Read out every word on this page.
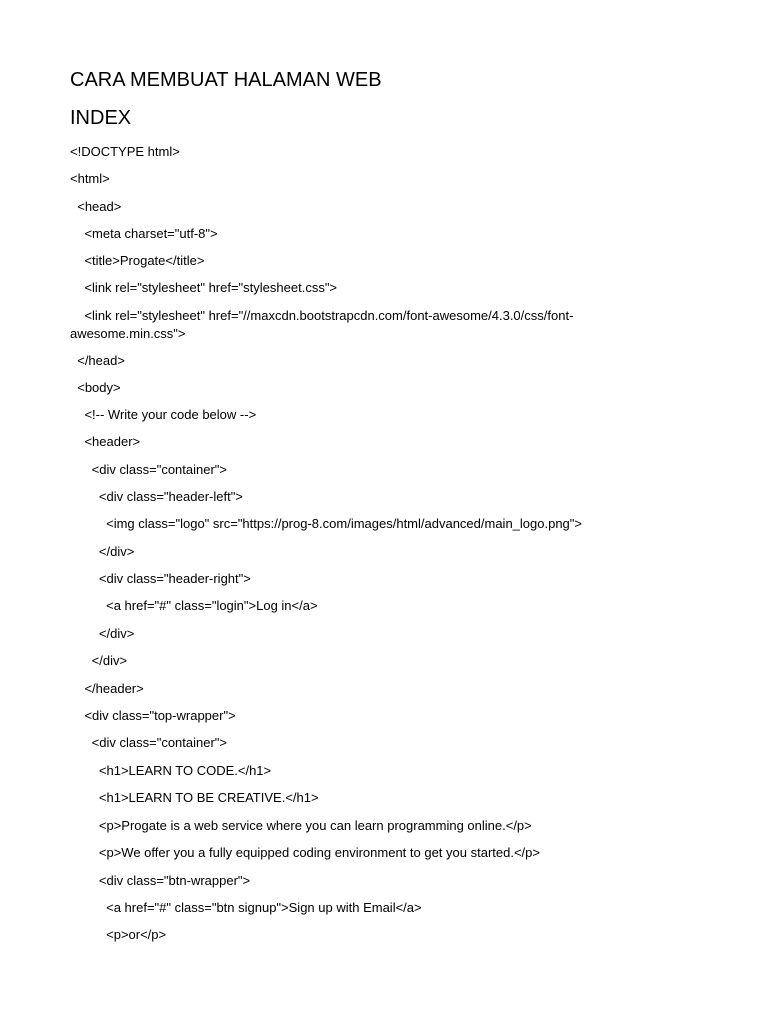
CARA MEMBUAT HALAMAN WEB
INDEX

<!DOCTYPE html>

<html>

<head>

<meta charset="utf-8">

<title>Progate</title>

<link rel="stylesheet" href="stylesheet.css">

<link rel="stylesheet" href="//maxcdn.bootstrapcdn.com/font-awesome/4.3.0/css/font-awesome.min.css">

</head>

<body>

<!-- Write your code below -->

<header>

<div class="container">

<div class="header-left">

<img class="logo" src="https://prog-8.com/images/html/advanced/main_logo.png">

</div>

<div class="header-right">

<a href="#" class="login">Log in</a>

</div>

</div>

</header>

<div class="top-wrapper">

<div class="container">

<h1>LEARN TO CODE.</h1>

<h1>LEARN TO BE CREATIVE.</h1>

<p>Progate is a web service where you can learn programming online.</p>

<p>We offer you a fully equipped coding environment to get you started.</p>

<div class="btn-wrapper">

<a href="#" class="btn signup">Sign up with Email</a>

<p>or</p>
